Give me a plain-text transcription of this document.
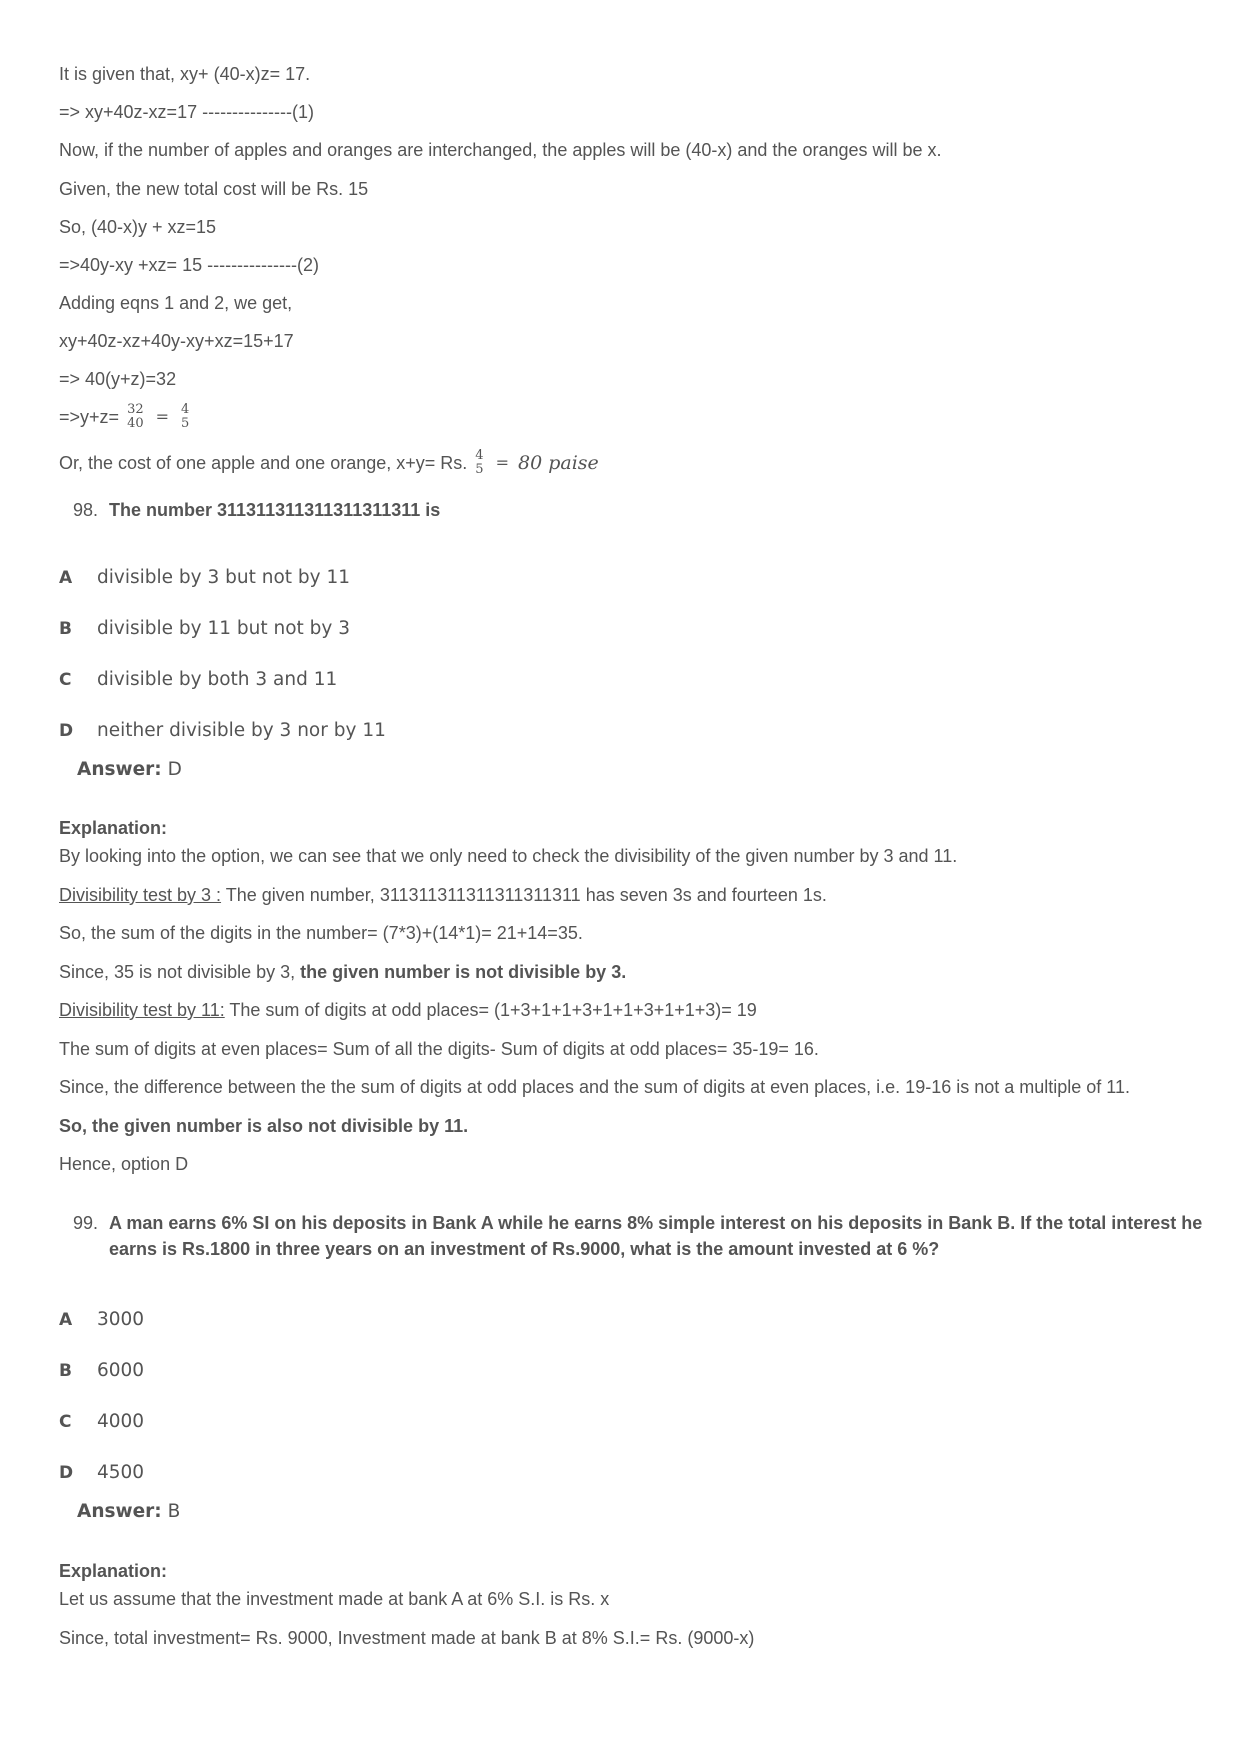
It is given that, xy+ (40-x)z= 17.
=> xy+40z-xz=17 ---------------(1)
Now, if the number of apples and oranges are interchanged, the apples will be (40-x) and the oranges will be x.
Given, the new total cost will be Rs. 15
So, (40-x)y + xz=15
=>40y-xy +xz= 15 ---------------(2)
Adding eqns 1 and 2, we get,
xy+40z-xz+40y-xy+xz=15+17
=> 40(y+z)=32
=>y+z= 32
40 = 4
5
Or, the cost of one apple and one orange, x+y= Rs. 4
5 = 80 paise
98. The number 311311311311311311311 is
A divisible by 3 but not by 11
B divisible by 11 but not by 3
C divisible by both 3 and 11
D neither divisible by 3 nor by 11
Answer: D
Explanation:
By looking into the option, we can see that we only need to check the divisibility of the given number by 3 and 11.
Divisibility test by 3 : The given number, 311311311311311311311 has seven 3s and fourteen 1s.
So, the sum of the digits in the number= (7*3)+(14*1)= 21+14=35.
Since, 35 is not divisible by 3, the given number is not divisible by 3.
Divisibility test by 11: The sum of digits at odd places= (1+3+1+1+3+1+1+3+1+1+3)= 19
The sum of digits at even places= Sum of all the digits- Sum of digits at odd places= 35-19= 16.
Since, the difference between the the sum of digits at odd places and the sum of digits at even places, i.e. 19-16 is not a multiple of 11.
So, the given number is also not divisible by 11.
Hence, option D
99. A man earns 6% SI on his deposits in Bank A while he earns 8% simple interest on his deposits in Bank B. If the total interest he
earns is Rs.1800 in three years on an investment of Rs.9000, what is the amount invested at 6 %?
A 3000
B 6000
C 4000
D 4500
Answer: B
Explanation:
Let us assume that the investment made at bank A at 6% S.I. is Rs. x
Since, total investment= Rs. 9000, Investment made at bank B at 8% S.I.= Rs. (9000-x)
